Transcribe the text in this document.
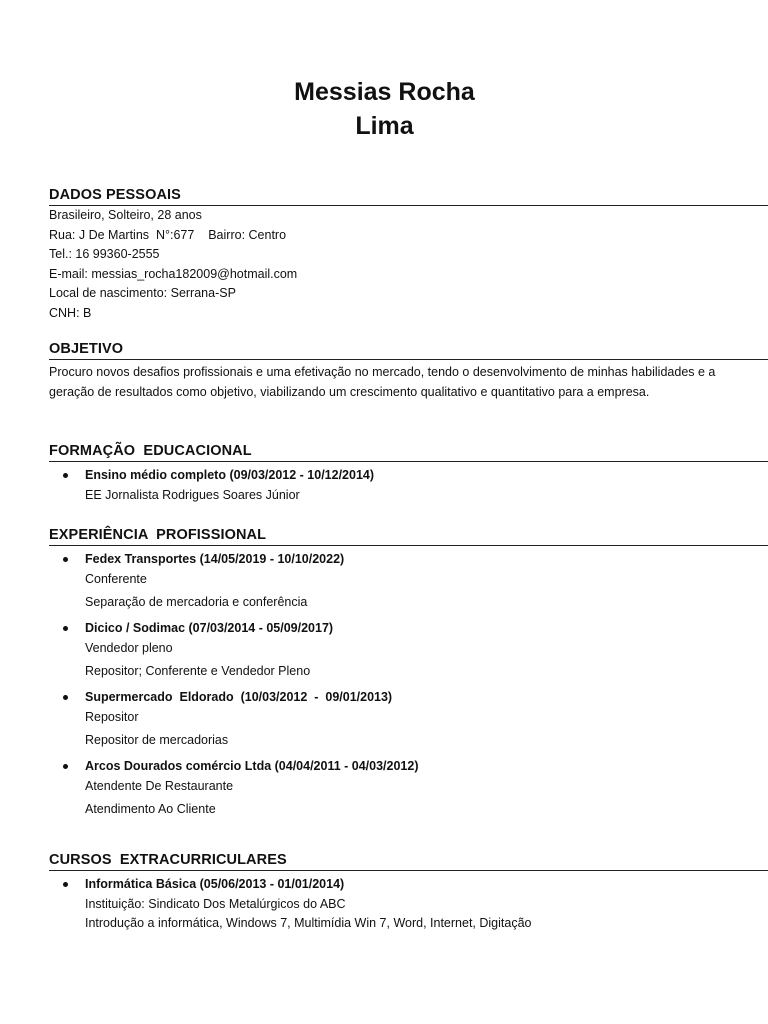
Messias Rocha
Lima
DADOS PESSOAIS
Brasileiro, Solteiro, 28 anos
Rua: J De Martins  N°:677    Bairro: Centro
Tel.: 16 99360-2555
E-mail: messias_rocha182009@hotmail.com
Local de nascimento: Serrana-SP
CNH: B
OBJETIVO
Procuro novos desafios profissionais e uma efetivação no mercado, tendo o desenvolvimento de minhas habilidades e a geração de resultados como objetivo, viabilizando um crescimento qualitativo e quantitativo para a empresa.
FORMAÇÃO  EDUCACIONAL
Ensino médio completo (09/03/2012 - 10/12/2014)
EE Jornalista Rodrigues Soares Júnior
EXPERIÊNCIA  PROFISSIONAL
Fedex Transportes (14/05/2019 - 10/10/2022)
Conferente
Separação de mercadoria e conferência
Dicico / Sodimac (07/03/2014 - 05/09/2017)
Vendedor pleno
Repositor; Conferente e Vendedor Pleno
Supermercado  Eldorado  (10/03/2012  -  09/01/2013)
Repositor
Repositor de mercadorias
Arcos Dourados comércio Ltda (04/04/2011 - 04/03/2012)
Atendente De Restaurante
Atendimento Ao Cliente
CURSOS  EXTRACURRICULARES
Informática Básica (05/06/2013 - 01/01/2014)
Instituição: Sindicato Dos Metalúrgicos do ABC
Introdução a informática, Windows 7, Multimídia Win 7, Word, Internet, Digitação
